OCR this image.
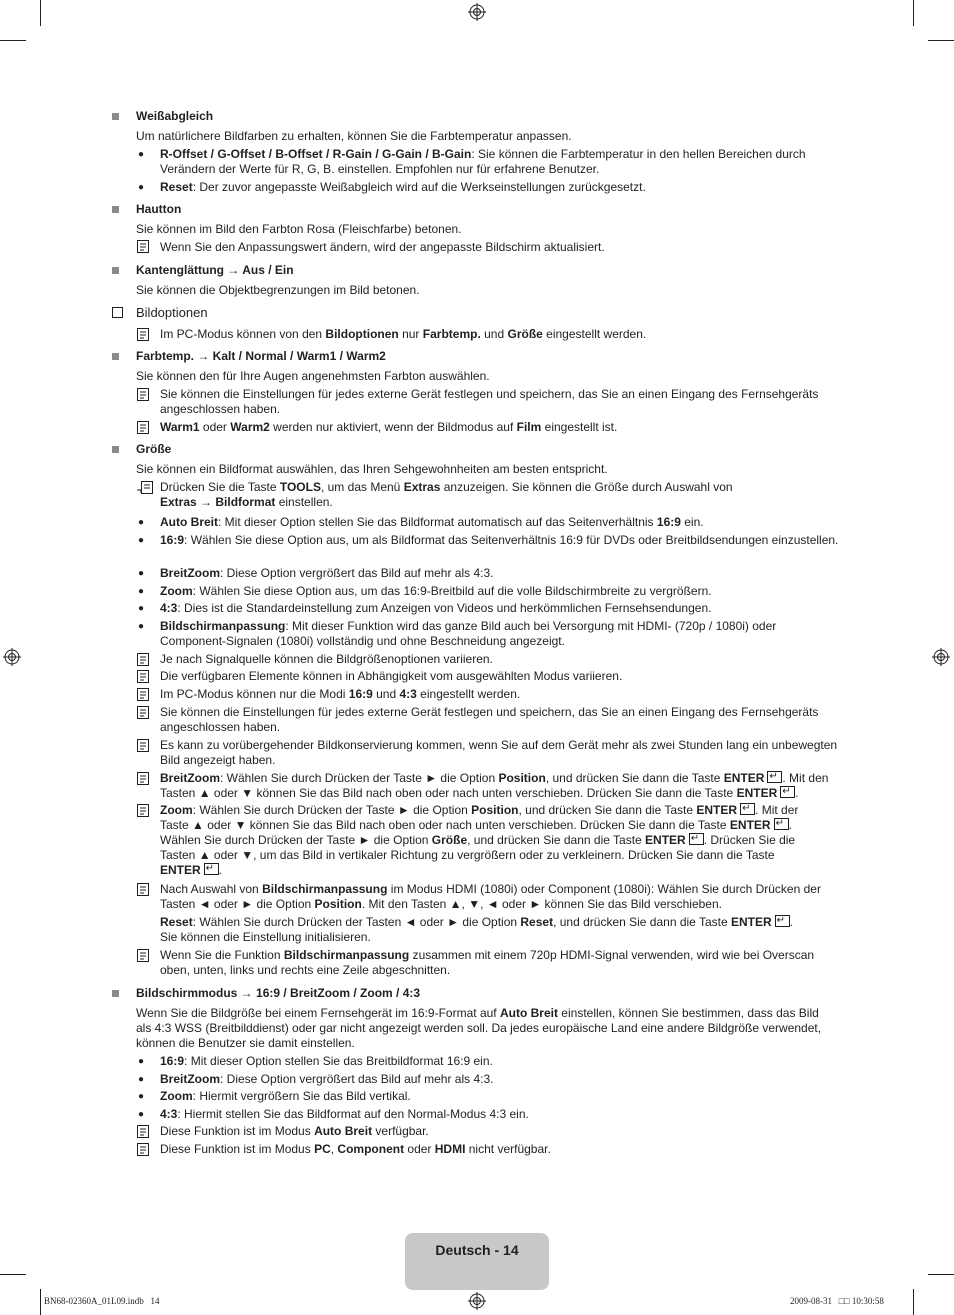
Weißabgleich
Um natürlichere Bildfarben zu erhalten, können Sie die Farbtemperatur anpassen.
● R-Offset / G-Offset / B-Offset / R-Gain / G-Gain / B-Gain: Sie können die Farbtemperatur in den hellen Bereichen durch Verändern der Werte für R, G, B. einstellen. Empfohlen nur für erfahrene Benutzer.
● Reset: Der zuvor angepasste Weißabgleich wird auf die Werkseinstellungen zurückgesetzt.
Hautton
Sie können im Bild den Farbton Rosa (Fleischfarbe) betonen.
Wenn Sie den Anpassungswert ändern, wird der angepasste Bildschirm aktualisiert.
Kantenglättung → Aus / Ein
Sie können die Objektbegrenzungen im Bild betonen.
Bildoptionen
Im PC-Modus können von den Bildoptionen nur Farbtemp. und Größe eingestellt werden.
Farbtemp. → Kalt / Normal / Warm1 / Warm2
Sie können den für Ihre Augen angenehmsten Farbton auswählen.
Sie können die Einstellungen für jedes externe Gerät festlegen und speichern, das Sie an einen Eingang des Fernsehgeräts angeschlossen haben.
Warm1 oder Warm2 werden nur aktiviert, wenn der Bildmodus auf Film eingestellt ist.
Größe
Sie können ein Bildformat auswählen, das Ihren Sehgewohnheiten am besten entspricht.
Drücken Sie die Taste TOOLS, um das Menü Extras anzuzeigen. Sie können die Größe durch Auswahl von
Extras → Bildformat einstellen.
● Auto Breit: Mit dieser Option stellen Sie das Bildformat automatisch auf das Seitenverhältnis 16:9 ein.
● 16:9: Wählen Sie diese Option aus, um als Bildformat das Seitenverhältnis 16:9 für DVDs oder Breitbildsendungen einzustellen.
● BreitZoom: Diese Option vergrößert das Bild auf mehr als 4:3.
● Zoom: Wählen Sie diese Option aus, um das 16:9-Breitbild auf die volle Bildschirmbreite zu vergrößern.
● 4:3: Dies ist die Standardeinstellung zum Anzeigen von Videos und herkömmlichen Fernsehsendungen.
● Bildschirmanpassung: Mit dieser Funktion wird das ganze Bild auch bei Versorgung mit HDMI- (720p / 1080i) oder Component-Signalen (1080i) vollständig und ohne Beschneidung angezeigt.
Je nach Signalquelle können die Bildgrößenoptionen variieren.
Die verfügbaren Elemente können in Abhängigkeit vom ausgewählten Modus variieren.
Im PC-Modus können nur die Modi 16:9 und 4:3 eingestellt werden.
Sie können die Einstellungen für jedes externe Gerät festlegen und speichern, das Sie an einen Eingang des Fernsehgeräts angeschlossen haben.
Es kann zu vorübergehender Bildkonservierung kommen, wenn Sie auf dem Gerät mehr als zwei Stunden lang ein unbewegten Bild angezeigt haben.
BreitZoom: Wählen Sie durch Drücken der Taste ► die Option Position, und drücken Sie dann die Taste ENTER ↵ . Mit den
Tasten ▲ oder ▼ können Sie das Bild nach oben oder nach unten verschieben. Drücken Sie dann die Taste ENTER ↵ .
Zoom: Wählen Sie durch Drücken der Taste ► die Option Position, und drücken Sie dann die Taste ENTER ↵ . Mit der
Taste ▲ oder ▼ können Sie das Bild nach oben oder nach unten verschieben. Drücken Sie dann die Taste ENTER ↵ .
Wählen Sie durch Drücken der Taste ► die Option Größe, und drücken Sie dann die Taste ENTER ↵ . Drücken Sie die
Tasten ▲ oder ▼, um das Bild in vertikaler Richtung zu vergrößern oder zu verkleinern. Drücken Sie dann die Taste
ENTER ↵ .
Nach Auswahl von Bildschirmanpassung im Modus HDMI (1080i) oder Component (1080i): Wählen Sie durch Drücken der
Tasten ◄ oder ► die Option Position. Mit den Tasten ▲, ▼, ◄ oder ► können Sie das Bild verschieben.
Reset: Wählen Sie durch Drücken der Tasten ◄ oder ► die Option Reset, und drücken Sie dann die Taste ENTER ↵ .
Sie können die Einstellung initialisieren.
Wenn Sie die Funktion Bildschirmanpassung zusammen mit einem 720p HDMI-Signal verwenden, wird wie bei Overscan
oben, unten, links und rechts eine Zeile abgeschnitten.
Bildschirmmodus → 16:9 / BreitZoom / Zoom / 4:3
Wenn Sie die Bildgröße bei einem Fernsehgerät im 16:9-Format auf Auto Breit einstellen, können Sie bestimmen, dass das Bild
als 4:3 WSS (Breitbilddienst) oder gar nicht angezeigt werden soll. Da jedes europäische Land eine andere Bildgröße verwendet,
können die Benutzer sie damit einstellen.
● 16:9: Mit dieser Option stellen Sie das Breitbildformat 16:9 ein.
● BreitZoom: Diese Option vergrößert das Bild auf mehr als 4:3.
● Zoom: Hiermit vergrößern Sie das Bild vertikal.
● 4:3: Hiermit stellen Sie das Bildformat auf den Normal-Modus 4:3 ein.
Diese Funktion ist im Modus Auto Breit verfügbar.
Diese Funktion ist im Modus PC, Component oder HDMI nicht verfügbar.
Deutsch - 14
BN68-02360A_01L09.indb   14	2009-08-31   □□ 10:30:58
